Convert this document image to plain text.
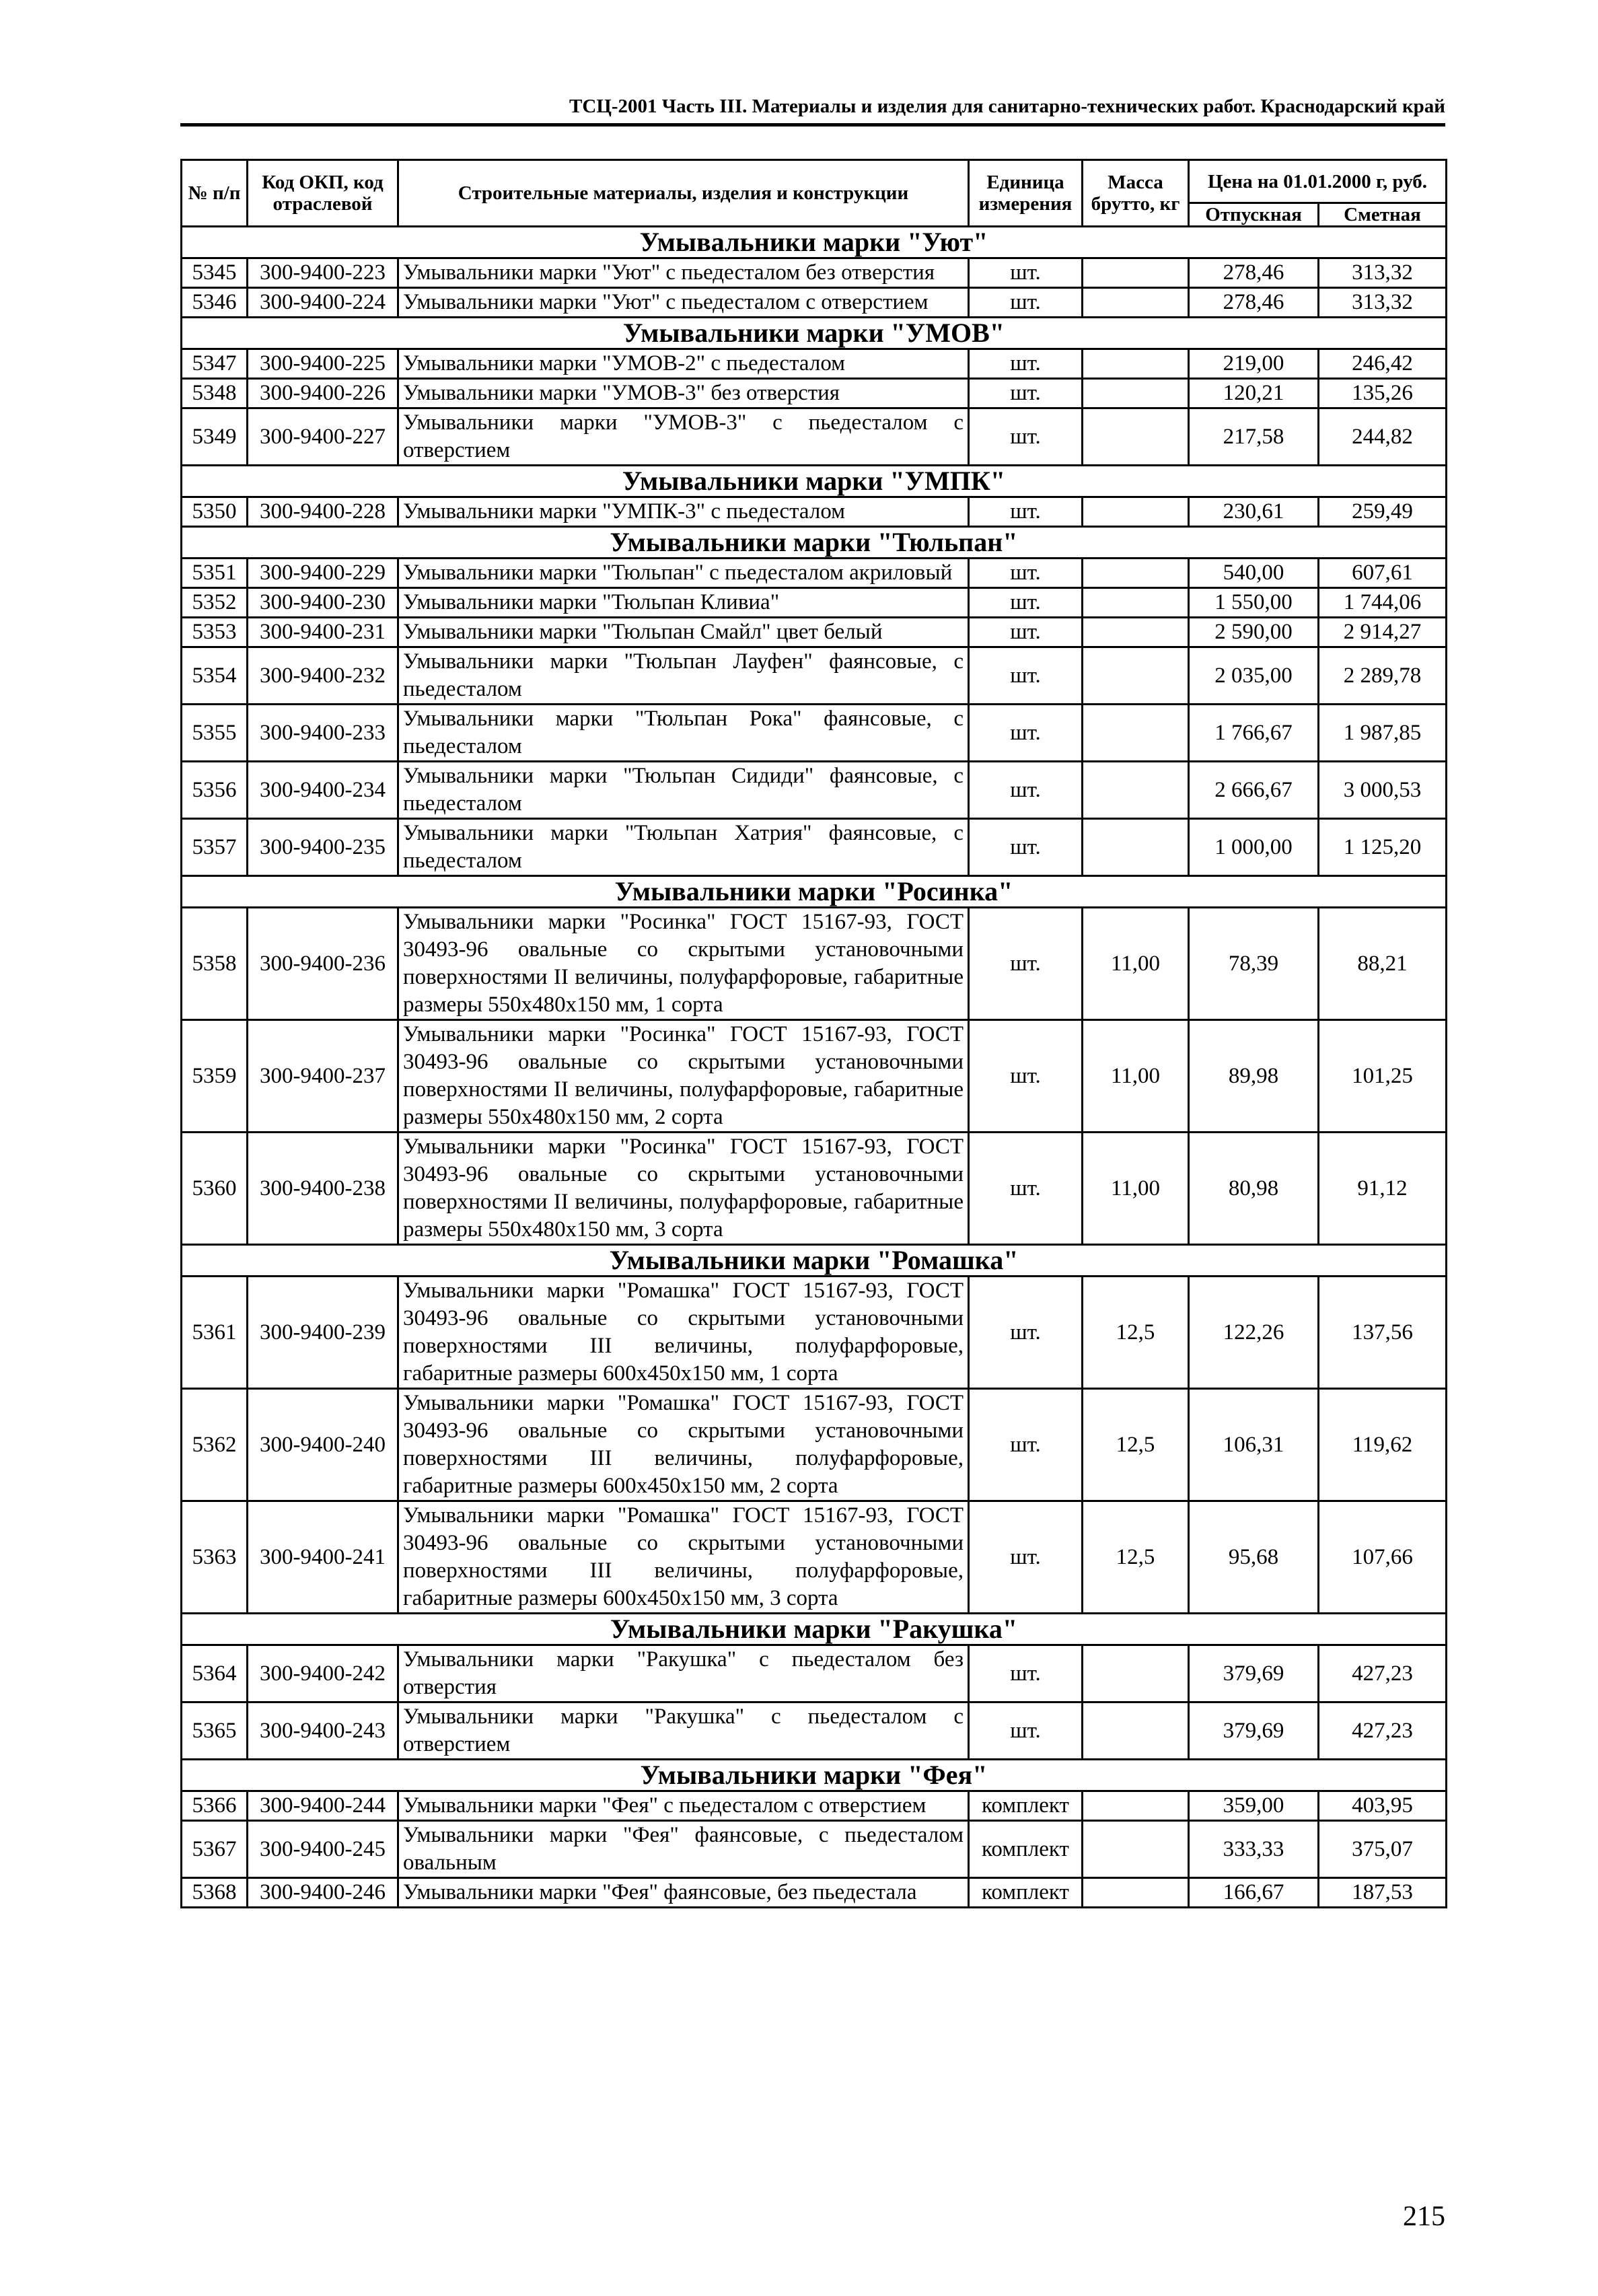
ТСЦ-2001 Часть III. Материалы и изделия для санитарно-технических работ. Краснодарский край
№ п/п	Код ОКП, код отраслевой	Строительные материалы, изделия и конструкции	Единица измерения	Масса брутто, кг	Цена на 01.01.2000 г, руб.	
					Отпускная	Сметная
Умывальники марки "Уют"						
5345	300-9400-223	Умывальники марки "Уют" с пьедесталом без отверстия	шт.		278,46	313,32
5346	300-9400-224	Умывальники марки "Уют" с пьедесталом с отверстием	шт.		278,46	313,32
Умывальники марки "УМОВ"						
5347	300-9400-225	Умывальники марки "УМОВ-2" с пьедесталом	шт.		219,00	246,42
5348	300-9400-226	Умывальники марки "УМОВ-3" без отверстия	шт.		120,21	135,26
5349	300-9400-227	Умывальники марки "УМОВ-3" с пьедесталом с отверстием	шт.		217,58	244,82
Умывальники марки "УМПК"						
5350	300-9400-228	Умывальники марки "УМПК-3" с пьедесталом	шт.		230,61	259,49
Умывальники марки "Тюльпан"						
5351	300-9400-229	Умывальники марки "Тюльпан" с пьедесталом акриловый	шт.		540,00	607,61
5352	300-9400-230	Умывальники марки "Тюльпан Кливиа"	шт.		1 550,00	1 744,06
5353	300-9400-231	Умывальники марки "Тюльпан Смайл" цвет белый	шт.		2 590,00	2 914,27
5354	300-9400-232	Умывальники марки "Тюльпан Лауфен" фаянсовые, с пьедесталом	шт.		2 035,00	2 289,78
5355	300-9400-233	Умывальники марки "Тюльпан Рока" фаянсовые, с пьедесталом	шт.		1 766,67	1 987,85
5356	300-9400-234	Умывальники марки "Тюльпан Сидиди" фаянсовые, с пьедесталом	шт.		2 666,67	3 000,53
5357	300-9400-235	Умывальники марки "Тюльпан Хатрия" фаянсовые, с пьедесталом	шт.		1 000,00	1 125,20
Умывальники марки "Росинка"						
5358	300-9400-236	Умывальники марки "Росинка" ГОСТ 15167-93, ГОСТ 30493-96 овальные со скрытыми установочными поверхностями II величины, полуфарфоровые, габаритные размеры 550х480х150 мм, 1 сорта	шт.	11,00	78,39	88,21
5359	300-9400-237	Умывальники марки "Росинка" ГОСТ 15167-93, ГОСТ 30493-96 овальные со скрытыми установочными поверхностями II величины, полуфарфоровые, габаритные размеры 550х480х150 мм, 2 сорта	шт.	11,00	89,98	101,25
5360	300-9400-238	Умывальники марки "Росинка" ГОСТ 15167-93, ГОСТ 30493-96 овальные со скрытыми установочными поверхностями II величины, полуфарфоровые, габаритные размеры 550х480х150 мм, 3 сорта	шт.	11,00	80,98	91,12
Умывальники марки "Ромашка"						
5361	300-9400-239	Умывальники марки "Ромашка" ГОСТ 15167-93, ГОСТ 30493-96 овальные со скрытыми установочными поверхностями III величины, полуфарфоровые, габаритные размеры 600х450х150 мм, 1 сорта	шт.	12,5	122,26	137,56
5362	300-9400-240	Умывальники марки "Ромашка" ГОСТ 15167-93, ГОСТ 30493-96 овальные со скрытыми установочными поверхностями III величины, полуфарфоровые, габаритные размеры 600х450х150 мм, 2 сорта	шт.	12,5	106,31	119,62
5363	300-9400-241	Умывальники марки "Ромашка" ГОСТ 15167-93, ГОСТ 30493-96 овальные со скрытыми установочными поверхностями III величины, полуфарфоровые, габаритные размеры 600х450х150 мм, 3 сорта	шт.	12,5	95,68	107,66
Умывальники марки "Ракушка"						
5364	300-9400-242	Умывальники марки "Ракушка" с пьедесталом без отверстия	шт.		379,69	427,23
5365	300-9400-243	Умывальники марки "Ракушка" с пьедесталом с отверстием	шт.		379,69	427,23
Умывальники марки "Фея"						
5366	300-9400-244	Умывальники марки "Фея" с пьедесталом с отверстием	комплект		359,00	403,95
5367	300-9400-245	Умывальники марки "Фея" фаянсовые, с пьедесталом овальным	комплект		333,33	375,07
5368	300-9400-246	Умывальники марки "Фея" фаянсовые, без пьедестала	комплект		166,67	187,53
215
